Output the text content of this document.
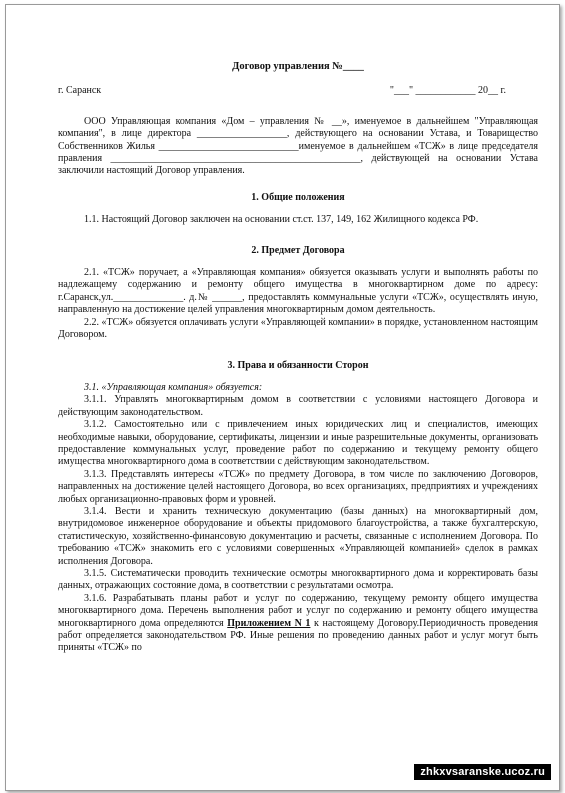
Договор управления №____
г. Саранск	"___" ____________ 20__ г.

ООО Управляющая компания «Дом – управления № __», именуемое в дальнейшем "Управляющая компания", в лице директора __________________, действующего на основании Устава, и Товарищество Собственников Жилья ____________________________именуемое в дальнейшем «ТСЖ» в лице председателя правления __________________________________________________, действующей на основании Устава заключили настоящий Договор управления.

1. Общие положения

1.1. Настоящий Договор заключен на основании ст.ст. 137, 149, 162 Жилищного кодекса РФ.

2. Предмет Договора

2.1. «ТСЖ» поручает, а «Управляющая компания» обязуется оказывать услуги и выполнять работы по надлежащему содержанию и ремонту общего имущества в многоквартирном доме по адресу: г.Саранск,ул.______________. д.№ ______, предоставлять коммунальные услуги «ТСЖ», осуществлять иную, направленную на достижение целей управления многоквартирным домом деятельность.

2.2. «ТСЖ» обязуется оплачивать услуги «Управляющей компании» в порядке, установленном настоящим Договором.

3. Права и обязанности Сторон

3.1. «Управляющая компания» обязуется:

3.1.1. Управлять многоквартирным домом в соответствии с условиями настоящего Договора и действующим законодательством.

3.1.2. Самостоятельно или с привлечением иных юридических лиц и специалистов, имеющих необходимые навыки, оборудование, сертификаты, лицензии и иные разрешительные документы, организовать предоставление коммунальных услуг, проведение работ по содержанию и текущему ремонту общего имущества многоквартирного дома в соответствии с действующим законодательством.

3.1.3. Представлять интересы «ТСЖ» по предмету Договора, в том числе по заключению Договоров, направленных на достижение целей настоящего Договора, во всех организациях, предприятиях и учреждениях любых организационно-правовых форм и уровней.

3.1.4. Вести и хранить техническую документацию (базы данных) на многоквартирный дом, внутридомовое инженерное оборудование и объекты придомового благоустройства, а также бухгалтерскую, статистическую, хозяйственно-финансовую документацию и расчеты, связанные с исполнением Договора. По требованию «ТСЖ» знакомить его с условиями совершенных «Управляющей компанией» сделок в рамках исполнения Договора.

3.1.5. Систематически проводить технические осмотры многоквартирного дома и корректировать базы данных, отражающих состояние дома, в соответствии с результатами осмотра.

3.1.6. Разрабатывать планы работ и услуг по содержанию, текущему ремонту общего имущества многоквартирного дома. Перечень выполнения работ и услуг по содержанию и ремонту общего имущества многоквартирного дома определяются Приложением N 1 к настоящему Договору.Периодичность проведения работ определяется законодательством РФ. Иные решения по проведению данных работ и услуг могут быть приняты «ТСЖ» по

zhkxvsaranske.ucoz.ru
